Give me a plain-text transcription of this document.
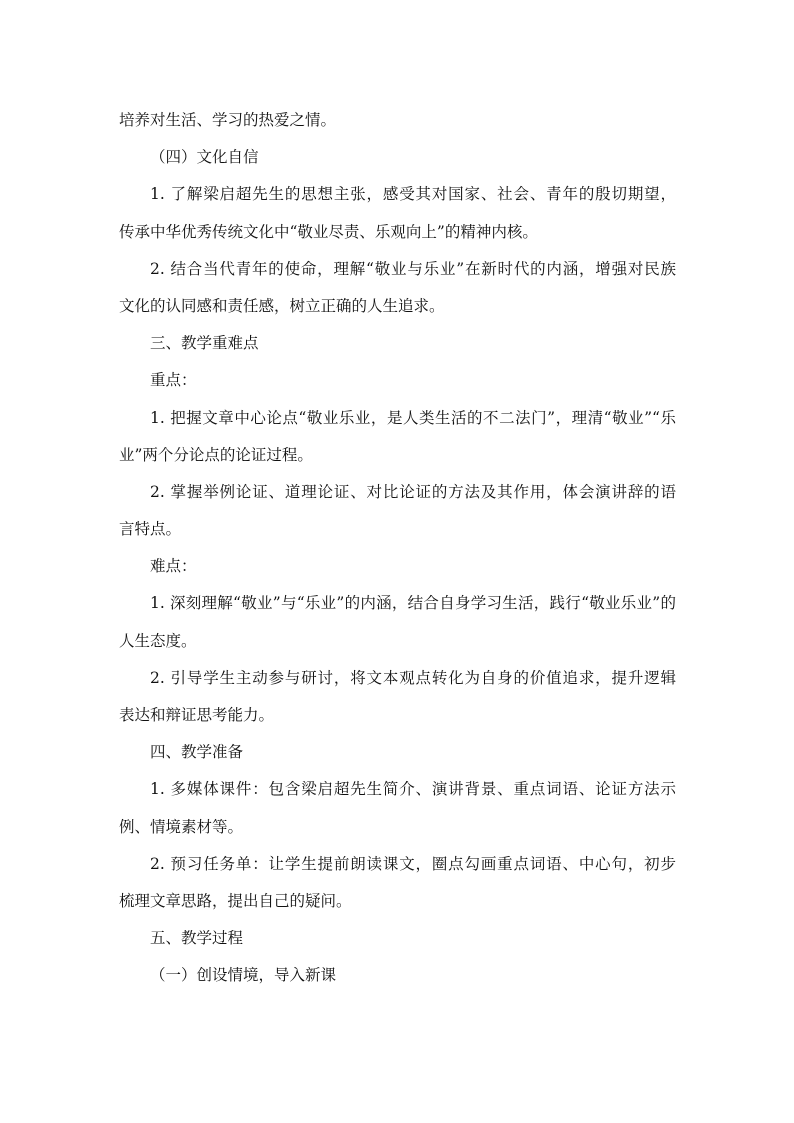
培养对生活、学习的热爱之情。

（四）文化自信

1. 了解梁启超先生的思想主张，感受其对国家、社会、青年的殷切期望，

传承中华优秀传统文化中“敬业尽责、乐观向上”的精神内核。

2. 结合当代青年的使命，理解“敬业与乐业”在新时代的内涵，增强对民族

文化的认同感和责任感，树立正确的人生追求。

三、教学重难点

重点：

1. 把握文章中心论点“敬业乐业，是人类生活的不二法门”，理清“敬业”“乐

业”两个分论点的论证过程。

2. 掌握举例论证、道理论证、对比论证的方法及其作用，体会演讲辞的语

言特点。

难点：

1. 深刻理解“敬业”与“乐业”的内涵，结合自身学习生活，践行“敬业乐业”的

人生态度。

2. 引导学生主动参与研讨，将文本观点转化为自身的价值追求，提升逻辑

表达和辩证思考能力。

四、教学准备

1. 多媒体课件：包含梁启超先生简介、演讲背景、重点词语、论证方法示

例、情境素材等。

2. 预习任务单：让学生提前朗读课文，圈点勾画重点词语、中心句，初步

梳理文章思路，提出自己的疑问。

五、教学过程

（一）创设情境，导入新课
